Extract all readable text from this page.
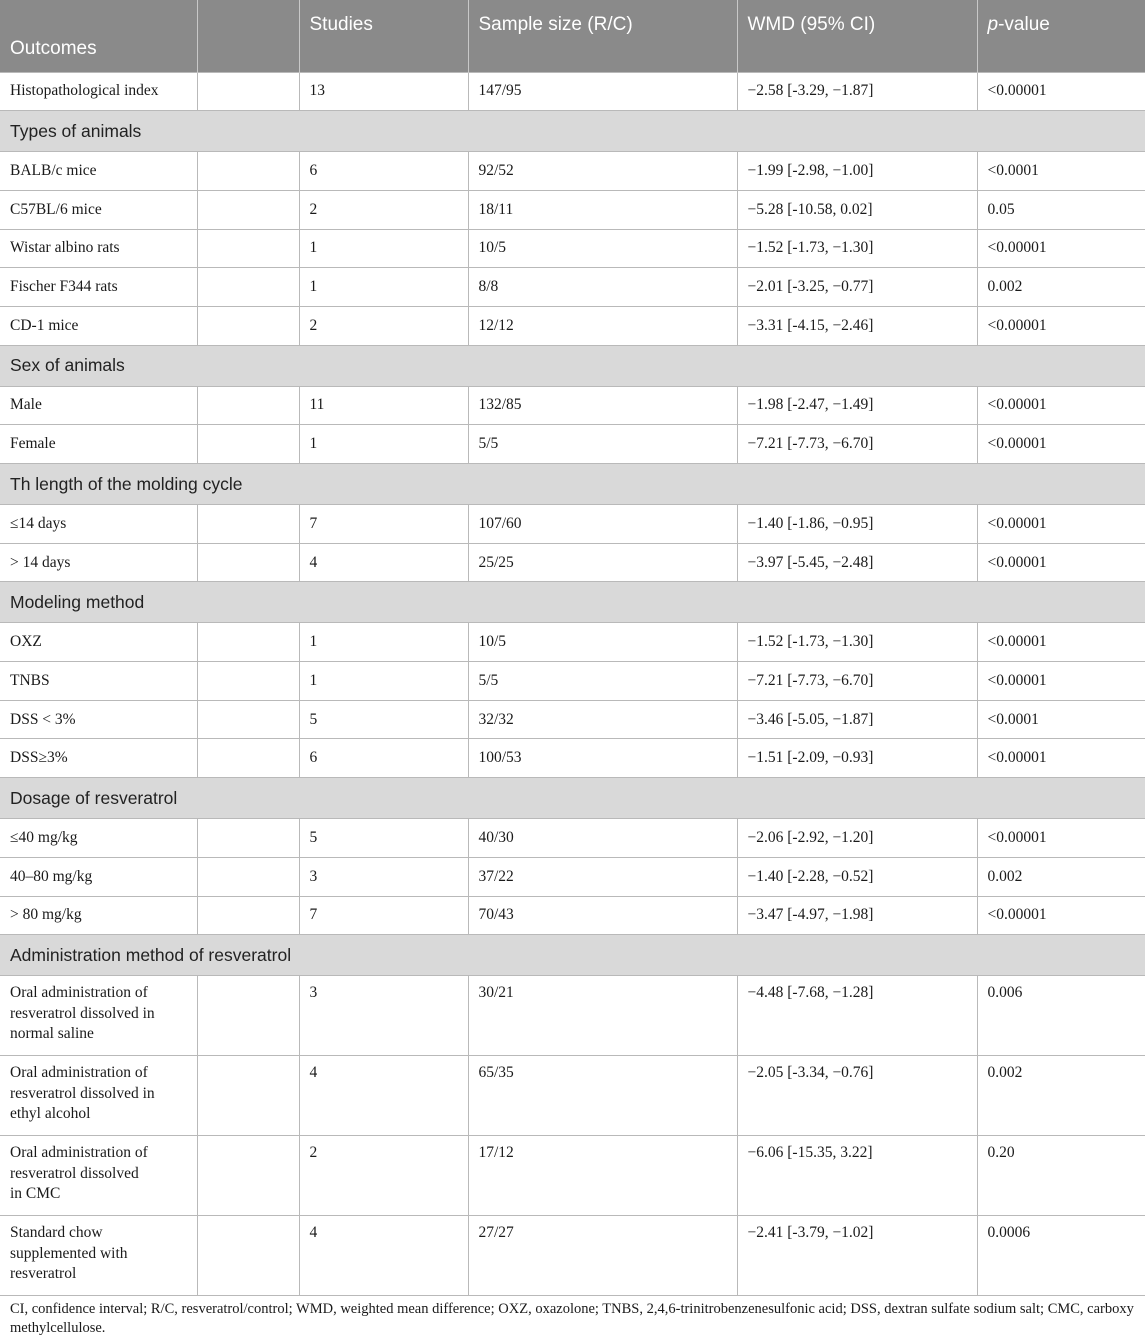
Outcomes		Studies	Sample size (R/C)	WMD (95% CI)	p-value
Histopathological index		13	147/95	−2.58 [-3.29, −1.87]	<0.00001
Types of animals					
BALB/c mice		6	92/52	−1.99 [-2.98, −1.00]	<0.0001
C57BL/6 mice		2	18/11	−5.28 [-10.58, 0.02]	0.05
Wistar albino rats		1	10/5	−1.52 [-1.73, −1.30]	<0.00001
Fischer F344 rats		1	8/8	−2.01 [-3.25, −0.77]	0.002
CD-1 mice		2	12/12	−3.31 [-4.15, −2.46]	<0.00001
Sex of animals					
Male		11	132/85	−1.98 [-2.47, −1.49]	<0.00001
Female		1	5/5	−7.21 [-7.73, −6.70]	<0.00001
Th length of the molding cycle					
≤14 days		7	107/60	−1.40 [-1.86, −0.95]	<0.00001
> 14 days		4	25/25	−3.97 [-5.45, −2.48]	<0.00001
Modeling method					
OXZ		1	10/5	−1.52 [-1.73, −1.30]	<0.00001
TNBS		1	5/5	−7.21 [-7.73, −6.70]	<0.00001
DSS < 3%		5	32/32	−3.46 [-5.05, −1.87]	<0.0001
DSS≥3%		6	100/53	−1.51 [-2.09, −0.93]	<0.00001
Dosage of resveratrol					
≤40 mg/kg		5	40/30	−2.06 [-2.92, −1.20]	<0.00001
40–80 mg/kg		3	37/22	−1.40 [-2.28, −0.52]	0.002
> 80 mg/kg		7	70/43	−3.47 [-4.97, −1.98]	<0.00001
Administration method of resveratrol					

Oral administration of
resveratrol dissolved in
normal saline		3	30/21	−4.48 [-7.68, −1.28]	0.006

Oral administration of
resveratrol dissolved in
ethyl alcohol		4	65/35	−2.05 [-3.34, −0.76]	0.002

Oral administration of
resveratrol dissolved
in CMC		2	17/12	−6.06 [-15.35, 3.22]	0.20

Standard chow
supplemented with
resveratrol		4	27/27	−2.41 [-3.79, −1.02]	0.0006
CI, confidence interval; R/C, resveratrol/control; WMD, weighted mean difference; OXZ, oxazolone; TNBS, 2,4,6-trinitrobenzenesulfonic acid; DSS, dextran sulfate sodium salt; CMC, carboxy methylcellulose.
